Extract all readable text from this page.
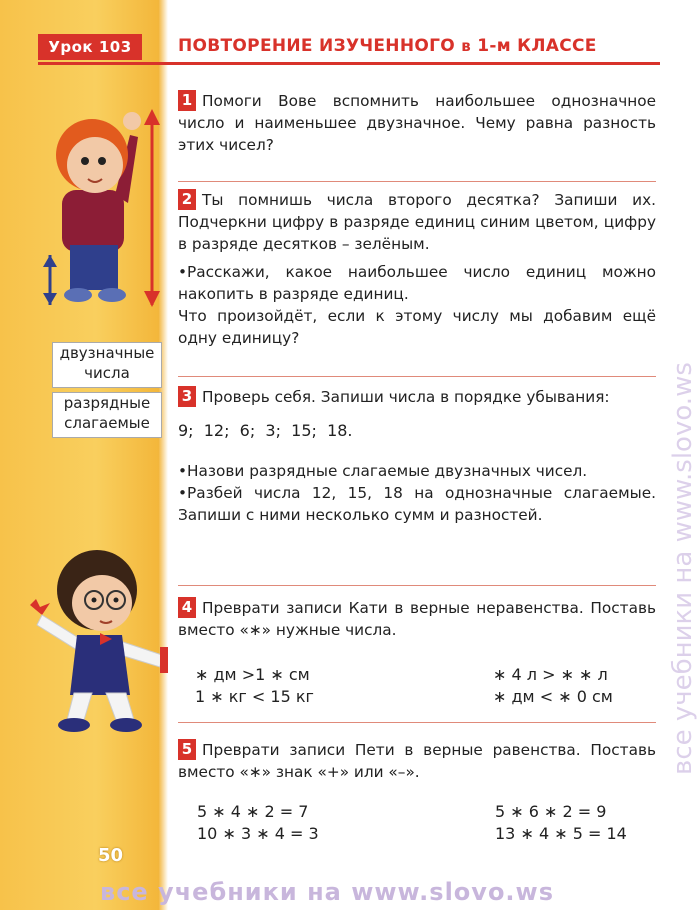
Урок 103	ПОВТОРЕНИЕ ИЗУЧЕННОГО в 1-м КЛАССЕ
двузначные числа
разрядные слагаемые
50
1 Помоги Вове вспомнить наибольшее однозначное число и наименьшее двузначное. Чему равна разность этих чисел?
2 Ты помнишь числа второго десятка? Запиши их. Подчеркни цифру в разряде единиц синим цветом, цифру в разряде десятков – зелёным.
•Расскажи, какое наибольшее число единиц можно накопить в разряде единиц.
Что произойдёт, если к этому числу мы добавим ещё одну единицу?
3 Проверь себя. Запиши числа в порядке убывания:
9;  12;  6;  3;  15;  18.
•Назови разрядные слагаемые двузначных чисел.
•Разбей числа 12, 15, 18 на однозначные слагаемые. Запиши с ними несколько сумм и разностей.
4 Преврати записи Кати в верные неравенства. Поставь вместо «∗» нужные числа.
∗ дм >1 ∗ см
1 ∗ кг < 15 кг
∗ 4 л > ∗ ∗ л
∗ дм < ∗ 0 см
5 Преврати записи Пети в верные равенства. Поставь вместо «∗» знак «+» или «–».
5 ∗ 4 ∗ 2 = 7
10 ∗ 3 ∗ 4 = 3
5 ∗ 6 ∗ 2 = 9
13 ∗ 4 ∗ 5 = 14
все учебники на www.slovo.ws
все учебники на www.slovo.ws
